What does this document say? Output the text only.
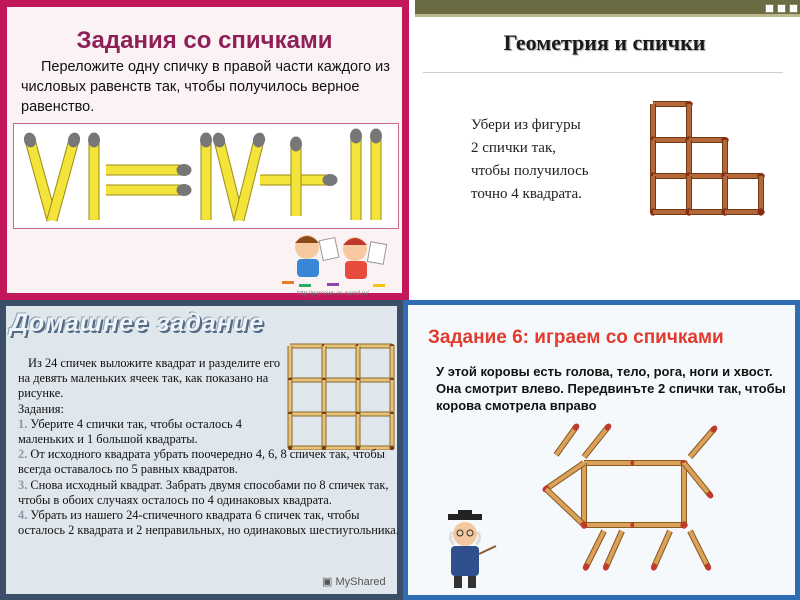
Задания со спичками
Переложите одну спичку в правой части каждого из числовых равенств так, чтобы получилось верное равенство.
http://parnews-es.narod.ru/
Геометрия и спички
Убери из фигуры
2 спички так,
чтобы получилось
точно 4 квадрата.
Домашнее задание
Из 24 спичек выложите квадрат и разделите его на девять маленьких ячеек так, как показано на рисунке.
Задания:
1. Уберите 4 спички так, чтобы осталось 4 маленьких и 1 большой квадраты.
2. От исходного квадрата убрать поочередно 4, 6, 8 спичек так, чтобы всегда оставалось по 5 равных квадратов.
3. Снова исходный квадрат. Забрать двумя способами по 8 спичек так, чтобы в обоих случаях осталось по 4 одинаковых квадрата.
4. Убрать из нашего 24-спичечного квадрата 6 спичек так, чтобы осталось 2 квадрата и 2 неправильных, но одинаковых шестиугольника.
Задание 6: играем со спичками
У этой коровы есть голова, тело, рога, ноги и хвост. Она смотрит влево. Передвинъте 2 спички так, чтобы корова смотрела вправо
▣ MyShared
